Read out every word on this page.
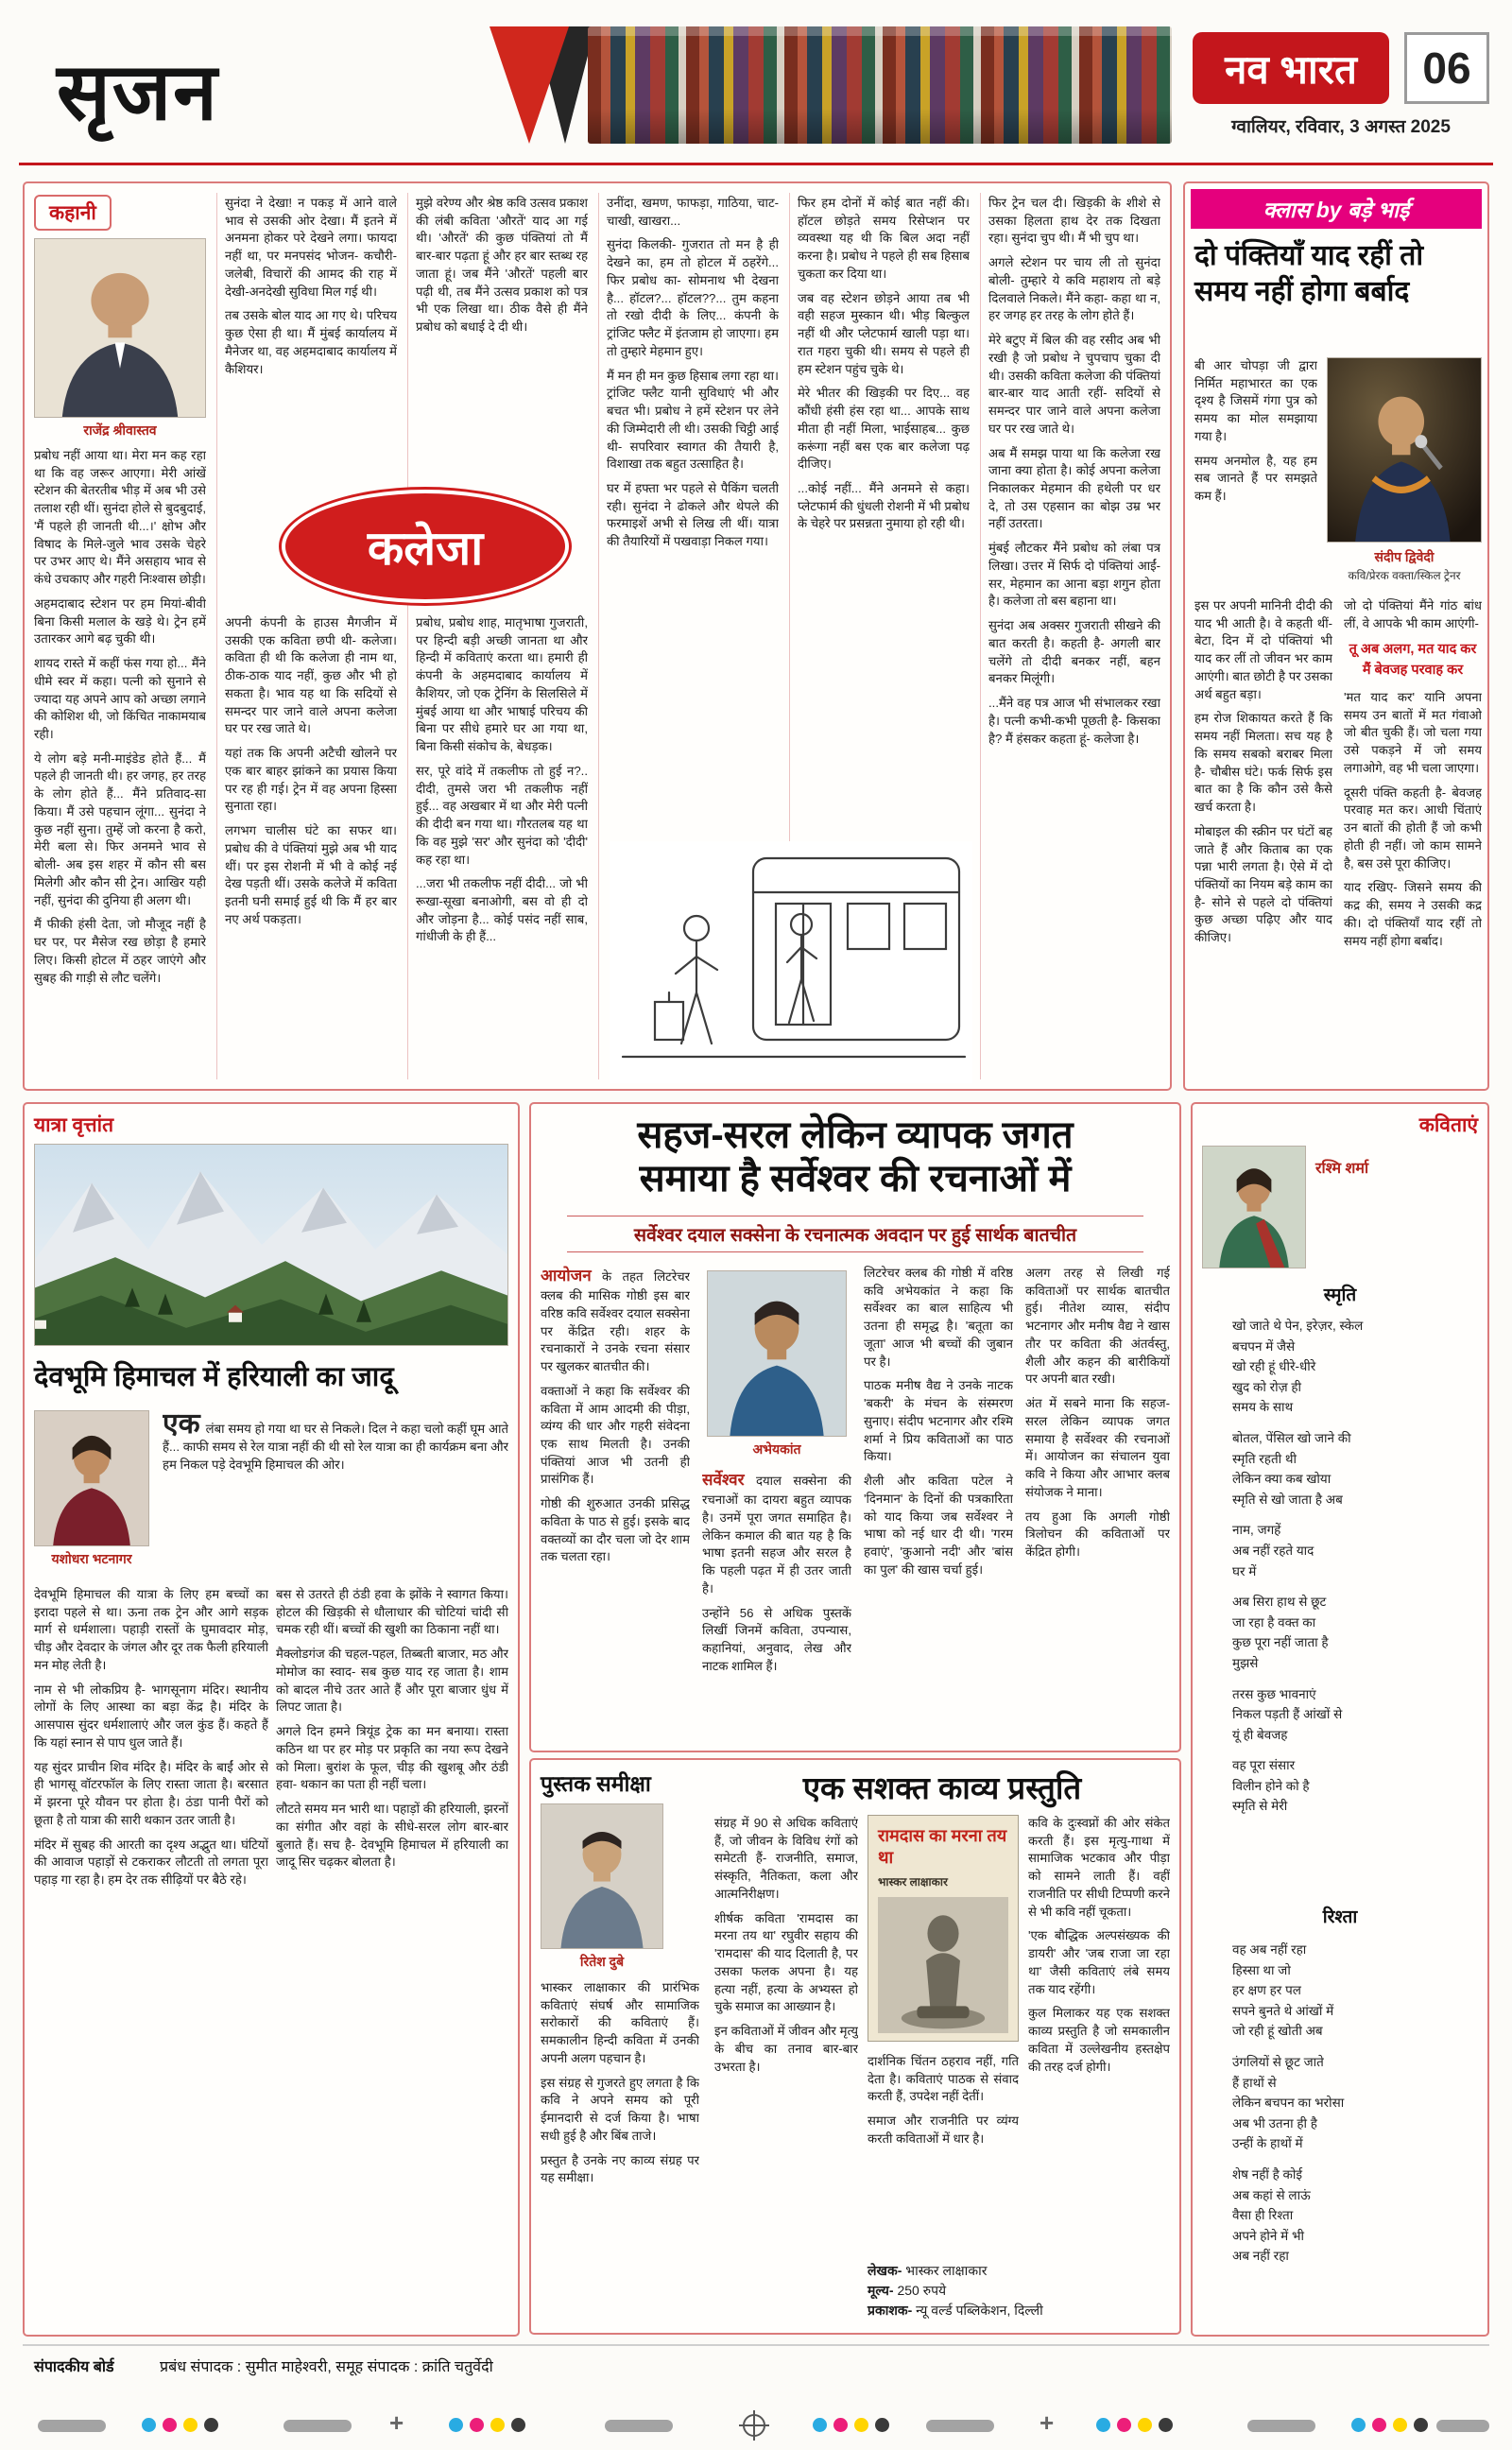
सृजन	नव भारत	06
ग्वालियर, रविवार, 3 अगस्त 2025
कहानी
राजेंद्र श्रीवास्तव
प्रबोध नहीं आया था। मेरा मन कह रहा था कि वह जरूर आएगा। मेरी आंखें स्टेशन की बेतरतीब भीड़ में अब भी उसे तलाश रही थीं। सुनंदा होले से बुदबुदाई, 'मैं पहले ही जानती थी...।' क्षोभ और विषाद के मिले-जुले भाव उसके चेहरे पर उभर आए थे। मैंने असहाय भाव से कंधे उचकाए और गहरी निःश्वास छोड़ी।
अहमदाबाद स्टेशन पर हम मियां-बीवी बिना किसी मलाल के खड़े थे। ट्रेन हमें उतारकर आगे बढ़ चुकी थी।
शायद रास्ते में कहीं फंस गया हो... मैंने धीमे स्वर में कहा। पत्नी को सुनाने से ज्यादा यह अपने आप को अच्छा लगाने की कोशिश थी, जो किंचित नाकामयाब रही।
ये लोग बड़े मनी-माइंडेड होते हैं... मैं पहले ही जानती थी। हर जगह, हर तरह के लोग होते हैं... मैंने प्रतिवाद-सा किया। मैं उसे पहचान लूंगा... सुनंदा ने कुछ नहीं सुना। तुम्हें जो करना है करो, मेरी बला से। फिर अनमने भाव से बोली- अब इस शहर में कौन सी बस मिलेगी और कौन सी ट्रेन। आखिर यही नहीं, सुनंदा की दुनिया ही अलग थी।
मैं फीकी हंसी देता, जो मौजूद नहीं है घर पर, पर मैसेज रख छोड़ा है हमारे लिए। किसी होटल में ठहर जाएंगे और सुबह की गाड़ी से लौट चलेंगे।
सुनंदा ने देखा! न पकड़ में आने वाले भाव से उसकी ओर देखा। मैं इतने में अनमना होकर परे देखने लगा। फायदा नहीं था, पर मनपसंद भोजन- कचौरी-जलेबी, विचारों की आमद की राह में देखी-अनदेखी सुविधा मिल गई थी।
तब उसके बोल याद आ गए थे। परिचय कुछ ऐसा ही था। मैं मुंबई कार्यालय में मैनेजर था, वह अहमदाबाद कार्यालय में कैशियर।
अपनी कंपनी के हाउस मैगजीन में उसकी एक कविता छपी थी- कलेजा। कविता ही थी कि कलेजा ही नाम था, ठीक-ठाक याद नहीं, कुछ और भी हो सकता है। भाव यह था कि सदियों से समन्दर पार जाने वाले अपना कलेजा घर पर रख जाते थे।
यहां तक कि अपनी अटैची खोलने पर एक बार बाहर झांकने का प्रयास किया पर रह ही गई। ट्रेन में वह अपना हिस्सा सुनाता रहा।
लगभग चालीस घंटे का सफर था। प्रबोध की वे पंक्तियां मुझे अब भी याद थीं। पर इस रोशनी में भी वे कोई नई देख पड़ती थीं। उसके कलेजे में कविता इतनी घनी समाई हुई थी कि मैं हर बार नए अर्थ पकड़ता।
मुझे वरेण्य और श्रेष्ठ कवि उत्सव प्रकाश की लंबी कविता 'औरतें' याद आ गई थी। 'औरतें' की कुछ पंक्तियां तो मैं बार-बार पढ़ता हूं और हर बार स्तब्ध रह जाता हूं। जब मैंने 'औरतें' पहली बार पढ़ी थी, तब मैंने उत्सव प्रकाश को पत्र भी एक लिखा था। ठीक वैसे ही मैंने प्रबोध को बधाई दे दी थी।
प्रबोध, प्रबोध शाह, मातृभाषा गुजराती, पर हिन्दी बड़ी अच्छी जानता था और हिन्दी में कविताएं करता था। हमारी ही कंपनी के अहमदाबाद कार्यालय में कैशियर, जो एक ट्रेनिंग के सिलसिले में मुंबई आया था और भाषाई परिचय की बिना पर सीधे हमारे घर आ गया था, बिना किसी संकोच के, बेधड़क।
सर, पूरे वांदे में तकलीफ तो हुई न?.. दीदी, तुमसे जरा भी तकलीफ नहीं हुई... वह अखबार में था और मेरी पत्नी की दीदी बन गया था। गौरतलब यह था कि वह मुझे 'सर' और सुनंदा को 'दीदी' कह रहा था।
...जरा भी तकलीफ नहीं दीदी... जो भी रूखा-सूखा बनाओगी, बस वो ही दो और जोड़ना है... कोई पसंद नहीं साब, गांधीजी के ही हैं...
उनींदा, खमण, फाफड़ा, गाठिया, चाट-चाखी, खाखरा...
सुनंदा किलकी- गुजरात तो मन है ही देखने का, हम तो होटल में ठहरेंगे... फिर प्रबोध का- सोमनाथ भी देखना है... हॉटल?... हॉटल??... तुम कहना तो रखो दीदी के लिए... कंपनी के ट्रांजिट फ्लैट में इंतजाम हो जाएगा। हम तो तुम्हारे मेहमान हुए।
मैं मन ही मन कुछ हिसाब लगा रहा था। ट्रांजिट फ्लैट यानी सुविधाएं भी और बचत भी। प्रबोध ने हमें स्टेशन पर लेने की जिम्मेदारी ली थी। उसकी चिट्ठी आई थी- सपरिवार स्वागत की तैयारी है, विशाखा तक बहुत उत्साहित है।
घर में हफ्ता भर पहले से पैकिंग चलती रही। सुनंदा ने ढोकले और थेपले की फरमाइशें अभी से लिख ली थीं। यात्रा की तैयारियों में पखवाड़ा निकल गया।
फिर हम दोनों में कोई बात नहीं की। हॉटल छोड़ते समय रिसेप्शन पर व्यवस्था यह थी कि बिल अदा नहीं करना है। प्रबोध ने पहले ही सब हिसाब चुकता कर दिया था।
जब वह स्टेशन छोड़ने आया तब भी वही सहज मुस्कान थी। भीड़ बिल्कुल नहीं थी और प्लेटफार्म खाली पड़ा था। रात गहरा चुकी थी। समय से पहले ही हम स्टेशन पहुंच चुके थे।
मेरे भीतर की खिड़की पर दिए... वह कौंधी हंसी हंस रहा था... आपके साथ मीता ही नहीं मिला, भाईसाहब... कुछ करूंगा नहीं बस एक बार कलेजा पढ़ दीजिए।
...कोई नहीं... मैंने अनमने से कहा। प्लेटफार्म की धुंधली रोशनी में भी प्रबोध के चेहरे पर प्रसन्नता नुमाया हो रही थी।
फिर ट्रेन चल दी। खिड़की के शीशे से उसका हिलता हाथ देर तक दिखता रहा। सुनंदा चुप थी। मैं भी चुप था।
अगले स्टेशन पर चाय ली तो सुनंदा बोली- तुम्हारे ये कवि महाशय तो बड़े दिलवाले निकले। मैंने कहा- कहा था न, हर जगह हर तरह के लोग होते हैं।
मेरे बटुए में बिल की वह रसीद अब भी रखी है जो प्रबोध ने चुपचाप चुका दी थी। उसकी कविता कलेजा की पंक्तियां बार-बार याद आती रहीं- सदियों से समन्दर पार जाने वाले अपना कलेजा घर पर रख जाते थे।
अब मैं समझ पाया था कि कलेजा रख जाना क्या होता है। कोई अपना कलेजा निकालकर मेहमान की हथेली पर धर दे, तो उस एहसान का बोझ उम्र भर नहीं उतरता।
मुंबई लौटकर मैंने प्रबोध को लंबा पत्र लिखा। उत्तर में सिर्फ दो पंक्तियां आईं- सर, मेहमान का आना बड़ा शगुन होता है। कलेजा तो बस बहाना था।
सुनंदा अब अक्सर गुजराती सीखने की बात करती है। कहती है- अगली बार चलेंगे तो दीदी बनकर नहीं, बहन बनकर मिलूंगी।
...मैंने वह पत्र आज भी संभालकर रखा है। पत्नी कभी-कभी पूछती है- किसका है? मैं हंसकर कहता हूं- कलेजा है।
कलेजा
क्लास by बड़े भाई
दो पंक्तियाँ याद रहीं तो समय नहीं होगा बर्बाद
बी आर चोपड़ा जी द्वारा निर्मित महाभारत का एक दृश्य है जिसमें गंगा पुत्र को समय का मोल समझाया गया है।
समय अनमोल है, यह हम सब जानते हैं पर समझते कम हैं।
संदीप द्विवेदी
कवि/प्रेरक वक्ता/स्किल ट्रेनर
इस पर अपनी मानिनी दीदी की याद भी आती है। वे कहती थीं- बेटा, दिन में दो पंक्तियां भी याद कर लीं तो जीवन भर काम आएंगी। बात छोटी है पर उसका अर्थ बहुत बड़ा।
हम रोज शिकायत करते हैं कि समय नहीं मिलता। सच यह है कि समय सबको बराबर मिला है- चौबीस घंटे। फर्क सिर्फ इस बात का है कि कौन उसे कैसे खर्च करता है।
मोबाइल की स्क्रीन पर घंटों बह जाते हैं और किताब का एक पन्ना भारी लगता है। ऐसे में दो पंक्तियों का नियम बड़े काम का है- सोने से पहले दो पंक्तियां कुछ अच्छा पढ़िए और याद कीजिए।
जो दो पंक्तियां मैंने गांठ बांध लीं, वे आपके भी काम आएंगी-
तू अब अलग, मत याद कर
मैं बेवजह परवाह कर
'मत याद कर' यानि अपना समय उन बातों में मत गंवाओ जो बीत चुकी हैं। जो चला गया उसे पकड़ने में जो समय लगाओगे, वह भी चला जाएगा।
दूसरी पंक्ति कहती है- बेवजह परवाह मत कर। आधी चिंताएं उन बातों की होती हैं जो कभी होती ही नहीं। जो काम सामने है, बस उसे पूरा कीजिए।
याद रखिए- जिसने समय की कद्र की, समय ने उसकी कद्र की। दो पंक्तियाँ याद रहीं तो समय नहीं होगा बर्बाद।
यात्रा वृत्तांत
देवभूमि हिमाचल में हरियाली का जादू
यशोधरा भटनागर

एक लंबा समय हो गया था घर से निकले। दिल ने कहा चलो कहीं घूम आते हैं... काफी समय से रेल यात्रा नहीं की थी सो रेल यात्रा का ही कार्यक्रम बना और हम निकल पड़े देवभूमि हिमाचल की ओर।

देवभूमि हिमाचल की यात्रा के लिए हम बच्चों का इरादा पहले से था। ऊना तक ट्रेन और आगे सड़क मार्ग से धर्मशाला। पहाड़ी रास्तों के घुमावदार मोड़, चीड़ और देवदार के जंगल और दूर तक फैली हरियाली मन मोह लेती है।
नाम से भी लोकप्रिय है- भागसूनाग मंदिर। स्थानीय लोगों के लिए आस्था का बड़ा केंद्र है। मंदिर के आसपास सुंदर धर्मशालाएं और जल कुंड हैं। कहते हैं कि यहां स्नान से पाप धुल जाते हैं।
यह सुंदर प्राचीन शिव मंदिर है। मंदिर के बाईं ओर से ही भागसू वॉटरफॉल के लिए रास्ता जाता है। बरसात में झरना पूरे यौवन पर होता है। ठंडा पानी पैरों को छूता है तो यात्रा की सारी थकान उतर जाती है।
मंदिर में सुबह की आरती का दृश्य अद्भुत था। घंटियों की आवाज पहाड़ों से टकराकर लौटती तो लगता पूरा पहाड़ गा रहा है। हम देर तक सीढ़ियों पर बैठे रहे।
बस से उतरते ही ठंडी हवा के झोंके ने स्वागत किया। होटल की खिड़की से धौलाधार की चोटियां चांदी सी चमक रही थीं। बच्चों की खुशी का ठिकाना नहीं था।
मैक्लोडगंज की चहल-पहल, तिब्बती बाजार, मठ और मोमोज का स्वाद- सब कुछ याद रह जाता है। शाम को बादल नीचे उतर आते हैं और पूरा बाजार धुंध में लिपट जाता है।
अगले दिन हमने त्रियूंड ट्रेक का मन बनाया। रास्ता कठिन था पर हर मोड़ पर प्रकृति का नया रूप देखने को मिला। बुरांश के फूल, चीड़ की खुशबू और ठंडी हवा- थकान का पता ही नहीं चला।
लौटते समय मन भारी था। पहाड़ों की हरियाली, झरनों का संगीत और वहां के सीधे-सरल लोग बार-बार बुलाते हैं। सच है- देवभूमि हिमाचल में हरियाली का जादू सिर चढ़कर बोलता है।
सहज-सरल लेकिन व्यापक जगत
समाया है सर्वेश्वर की रचनाओं में
सर्वेश्वर दयाल सक्सेना के रचनात्मक अवदान पर हुई सार्थक बातचीत

आयोजन के तहत लिटरेचर क्लब की मासिक गोष्ठी इस बार वरिष्ठ कवि सर्वेश्वर दयाल सक्सेना पर केंद्रित रही। शहर के रचनाकारों ने उनके रचना संसार पर खुलकर बातचीत की।

वक्ताओं ने कहा कि सर्वेश्वर की कविता में आम आदमी की पीड़ा, व्यंग्य की धार और गहरी संवेदना एक साथ मिलती है। उनकी पंक्तियां आज भी उतनी ही प्रासंगिक हैं।
गोष्ठी की शुरुआत उनकी प्रसिद्ध कविता के पाठ से हुई। इसके बाद वक्तव्यों का दौर चला जो देर शाम तक चलता रहा।

सर्वेश्वर दयाल सक्सेना की रचनाओं का दायरा बहुत व्यापक है। उनमें पूरा जगत समाहित है। लेकिन कमाल की बात यह है कि भाषा इतनी सहज और सरल है कि पहली पढ़त में ही उतर जाती है।

उन्होंने 56 से अधिक पुस्तकें लिखीं जिनमें कविता, उपन्यास, कहानियां, अनुवाद, लेख और नाटक शामिल हैं।
लिटरेचर क्लब की गोष्ठी में वरिष्ठ कवि अभेयकांत ने कहा कि सर्वेश्वर का बाल साहित्य भी उतना ही समृद्ध है। 'बतूता का जूता' आज भी बच्चों की जुबान पर है।
पाठक मनीष वैद्य ने उनके नाटक 'बकरी' के मंचन के संस्मरण सुनाए। संदीप भटनागर और रश्मि शर्मा ने प्रिय कविताओं का पाठ किया।
शैली और कविता पटेल ने 'दिनमान' के दिनों की पत्रकारिता को याद किया जब सर्वेश्वर ने भाषा को नई धार दी थी। 'गरम हवाएं', 'कुआनो नदी' और 'बांस का पुल' की खास चर्चा हुई।
अलग तरह से लिखी गई कविताओं पर सार्थक बातचीत हुई। नीतेश व्यास, संदीप भटनागर और मनीष वैद्य ने खास तौर पर कविता की अंतर्वस्तु, शैली और कहन की बारीकियों पर अपनी बात रखी।
अंत में सबने माना कि सहज-सरल लेकिन व्यापक जगत समाया है सर्वेश्वर की रचनाओं में। आयोजन का संचालन युवा कवि ने किया और आभार क्लब संयोजक ने माना।
तय हुआ कि अगली गोष्ठी त्रिलोचन की कविताओं पर केंद्रित होगी।
अभेयकांत
पुस्तक समीक्षा
रितेश दुबे
भास्कर लाक्षाकार की प्रारंभिक कविताएं संघर्ष और सामाजिक सरोकारों की कविताएं हैं। समकालीन हिन्दी कविता में उनकी अपनी अलग पहचान है।
इस संग्रह से गुजरते हुए लगता है कि कवि ने अपने समय को पूरी ईमानदारी से दर्ज किया है। भाषा सधी हुई है और बिंब ताजे।
प्रस्तुत है उनके नए काव्य संग्रह पर यह समीक्षा।
एक सशक्त काव्य प्रस्तुति
संग्रह में 90 से अधिक कविताएं हैं, जो जीवन के विविध रंगों को समेटती हैं- राजनीति, समाज, संस्कृति, नैतिकता, कला और आत्मनिरीक्षण।
शीर्षक कविता 'रामदास का मरना तय था' रघुवीर सहाय की 'रामदास' की याद दिलाती है, पर उसका फलक अपना है। यह हत्या नहीं, हत्या के अभ्यस्त हो चुके समाज का आख्यान है।
इन कविताओं में जीवन और मृत्यु के बीच का तनाव बार-बार उभरता है।
रामदास का मरना तय था
भास्कर लाक्षाकार
दार्शनिक चिंतन ठहराव नहीं, गति देता है। कविताएं पाठक से संवाद करती हैं, उपदेश नहीं देतीं।
समाज और राजनीति पर व्यंग्य करती कविताओं में धार है।
कवि के दुःस्वप्नों की ओर संकेत करती हैं। इस मृत्यु-गाथा में सामाजिक भटकाव और पीड़ा को सामने लाती हैं। वहीं राजनीति पर सीधी टिप्पणी करने से भी कवि नहीं चूकता।
'एक बौद्धिक अल्पसंख्यक की डायरी' और 'जब राजा जा रहा था' जैसी कविताएं लंबे समय तक याद रहेंगी।
कुल मिलाकर यह एक सशक्त काव्य प्रस्तुति है जो समकालीन कविता में उल्लेखनीय हस्तक्षेप की तरह दर्ज होगी।
लेखक- भास्कर लाक्षाकार
मूल्य- 250 रुपये
प्रकाशक- न्यू वर्ल्ड पब्लिकेशन, दिल्ली
कविताएं
रश्मि शर्मा
स्मृति
खो जाते थे पेन, इरेज़र, स्केल
बचपन में जैसे
खो रही हूं धीरे-धीरे
खुद को रोज़ ही
समय के साथ
बोतल, पेंसिल खो जाने की
स्मृति रहती थी
लेकिन क्या कब खोया
स्मृति से खो जाता है अब
नाम, जगहें
अब नहीं रहते याद
घर में
अब सिरा हाथ से छूट
जा रहा है वक्त का
कुछ पूरा नहीं जाता है
मुझसे
तरस कुछ भावनाएं
निकल पड़ती हैं आंखों से
यूं ही बेवजह
वह पूरा संसार
विलीन होने को है
स्मृति से मेरी
रिश्ता
वह अब नहीं रहा
हिस्सा था जो
हर क्षण हर पल
सपने बुनते थे आंखों में
जो रही हूं खोती अब
उंगलियों से छूट जाते
हैं हाथों से
लेकिन बचपन का भरोसा
अब भी उतना ही है
उन्हीं के हाथों में
शेष नहीं है कोई
अब कहां से लाऊं
वैसा ही रिश्ता
अपने होने में भी
अब नहीं रहा
संपादकीय बोर्ड	प्रबंध संपादक : सुमीत माहेश्वरी, समूह संपादक : क्रांति चतुर्वेदी
+	+
